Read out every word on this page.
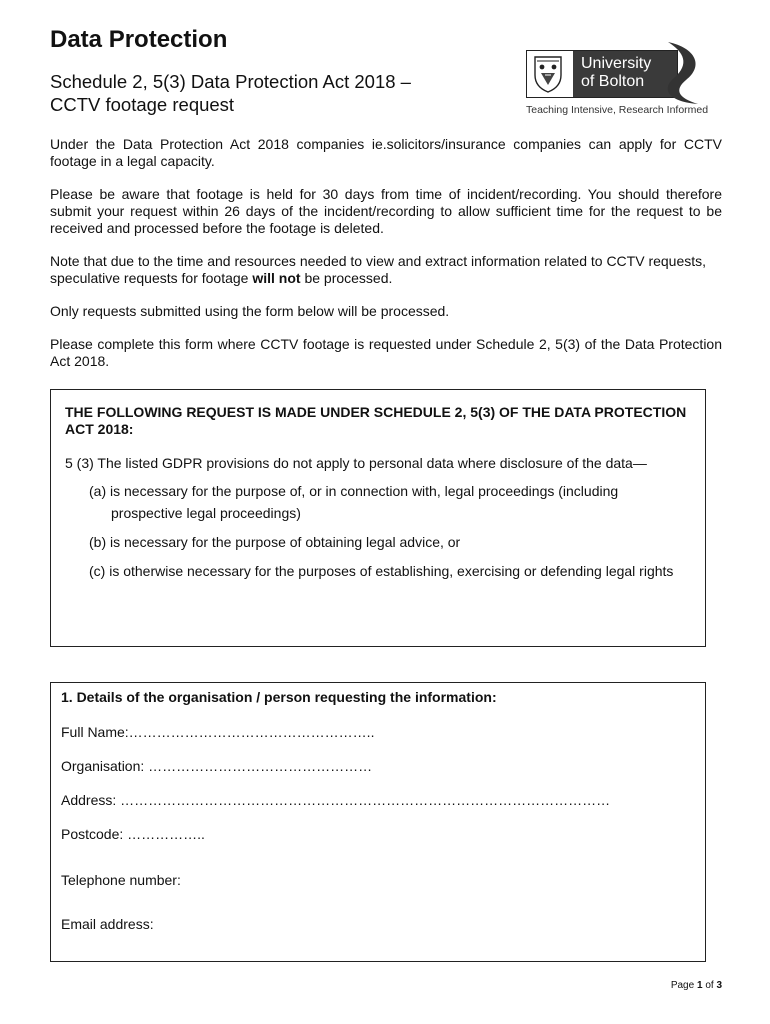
Data Protection
Schedule 2, 5(3) Data Protection Act 2018 –
CCTV footage request
University
of Bolton
Teaching Intensive, Research Informed

Under the Data Protection Act 2018 companies ie.solicitors/insurance companies can apply for CCTV footage in a legal capacity.

Please be aware that footage is held for 30 days from time of incident/recording. You should therefore submit your request within 26 days of the incident/recording to allow sufficient time for the request to be received and processed before the footage is deleted.

Note that due to the time and resources needed to view and extract information related to CCTV requests, speculative requests for footage will not be processed.

Only requests submitted using the form below will be processed.

Please complete this form where CCTV footage is requested under Schedule 2, 5(3) of the Data Protection Act 2018.

THE FOLLOWING REQUEST IS MADE UNDER SCHEDULE 2, 5(3) OF THE DATA PROTECTION ACT 2018:

5 (3) The listed GDPR provisions do not apply to personal data where disclosure of the data—

(a) is necessary for the purpose of, or in connection with, legal proceedings (including prospective legal proceedings)
(b) is necessary for the purpose of obtaining legal advice, or
(c) is otherwise necessary for the purposes of establishing, exercising or defending legal rights

1. Details of the organisation / person requesting the information:

Full Name:……………………………………………..
Organisation: …………………………………………
Address: ……………………………………………………………………………………………
Postcode: ……………..
Telephone number:
Email address:
Page 1 of 3
